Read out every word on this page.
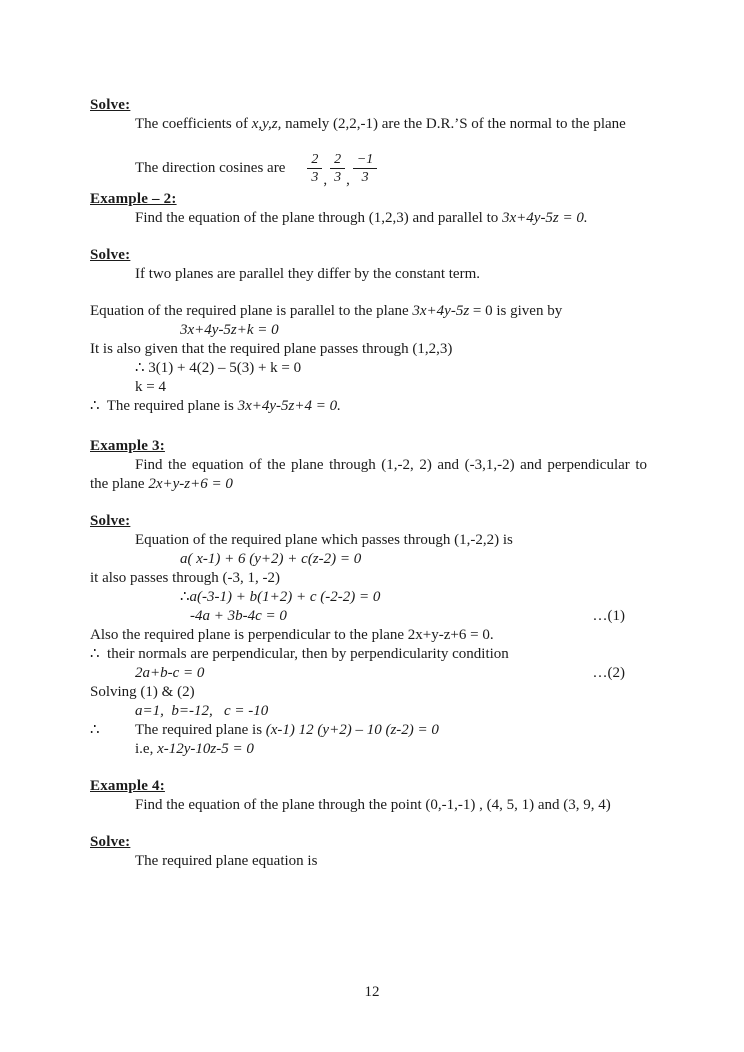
Solve:
The coefficients of x,y,z, namely (2,2,-1) are the D.R.’S of the normal to the plane
The direction cosines are $\frac{2}{3}$ , $\frac{2}{3}$ , $\frac{-1}{3}$
Example – 2:
Find the equation of the plane through (1,2,3) and parallel to 3x+4y-5z = 0.
Solve:
If two planes are parallel they differ by the constant term.
Equation of the required plane is parallel to the plane 3x+4y-5z = 0 is given by
3x+4y-5z+k = 0
It is also given that the required plane passes through (1,2,3)
∴ 3(1) + 4(2) – 5(3) + k = 0
k = 4
∴  The required plane is 3x+4y-5z+4 = 0.
Example 3:
Find the equation of the plane through (1,-2, 2) and (-3,1,-2) and perpendicular to
the plane 2x+y-z+6 = 0
Solve:
Equation of the required plane which passes through (1,-2,2) is
a( x-1) + 6 (y+2) + c(z-2) = 0
it also passes through (-3, 1, -2)
∴a(-3-1) + b(1+2) + c (-2-2) = 0
-4a + 3b-4c = 0	…(1)
Also the required plane is perpendicular to the plane 2x+y-z+6 = 0.
∴  their normals are perpendicular, then by perpendicularity condition
2a+b-c = 0	…(2)
Solving (1) & (2)
a=1,  b=-12,   c = -10
∴ The required plane is (x-1) 12 (y+2) – 10 (z-2) = 0
i.e, x-12y-10z-5 = 0
Example 4:
Find the equation of the plane through the point (0,-1,-1) , (4, 5, 1) and (3, 9, 4)
Solve:
The required plane equation is
12
